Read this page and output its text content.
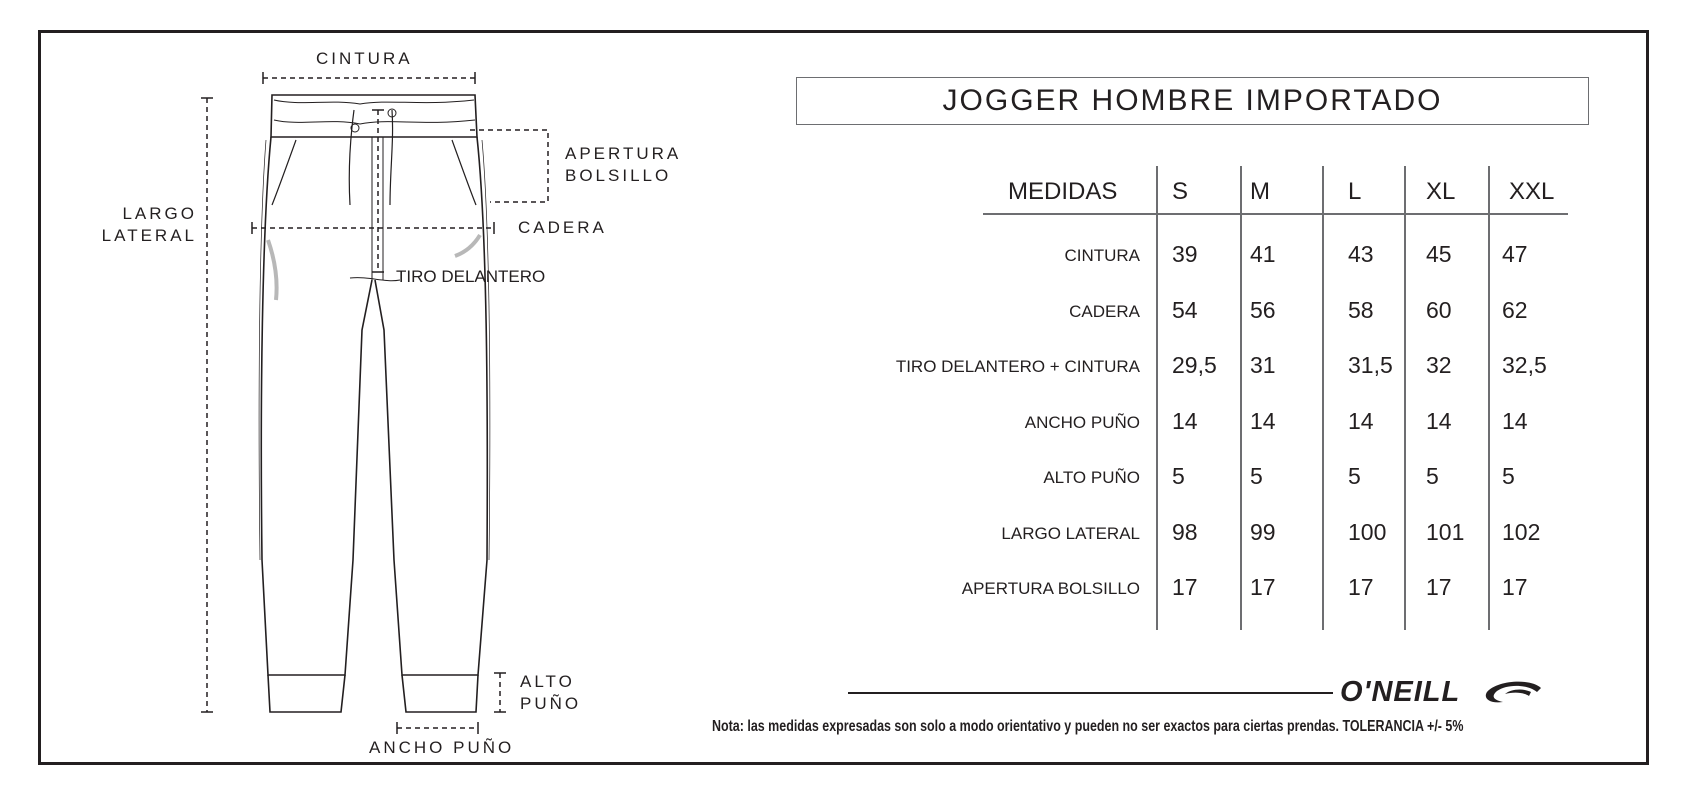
CINTURA
APERTURA
BOLSILLO
LARGO
LATERAL	CADERA
TIRO DELANTERO
ALTO
PUÑO
ANCHO PUÑO
JOGGER HOMBRE IMPORTADO
MEDIDAS S	M	L	XL XXL
CINTURA 39 41	43 45 47
CADERA 54 56	58 60 62
TIRO DELANTERO + CINTURA 29,5 31	31,5 32 32,5
ANCHO PUÑO 14 14	14 14 14
ALTO PUÑO 5	5	5	5	5
LARGO LATERAL 98 99	100 101 102
APERTURA BOLSILLO 17 17	17 17 17
O'NEILL
Nota: las medidas expresadas son solo a modo orientativo y pueden no ser exactos para ciertas prendas. TOLERANCIA +/- 5%
